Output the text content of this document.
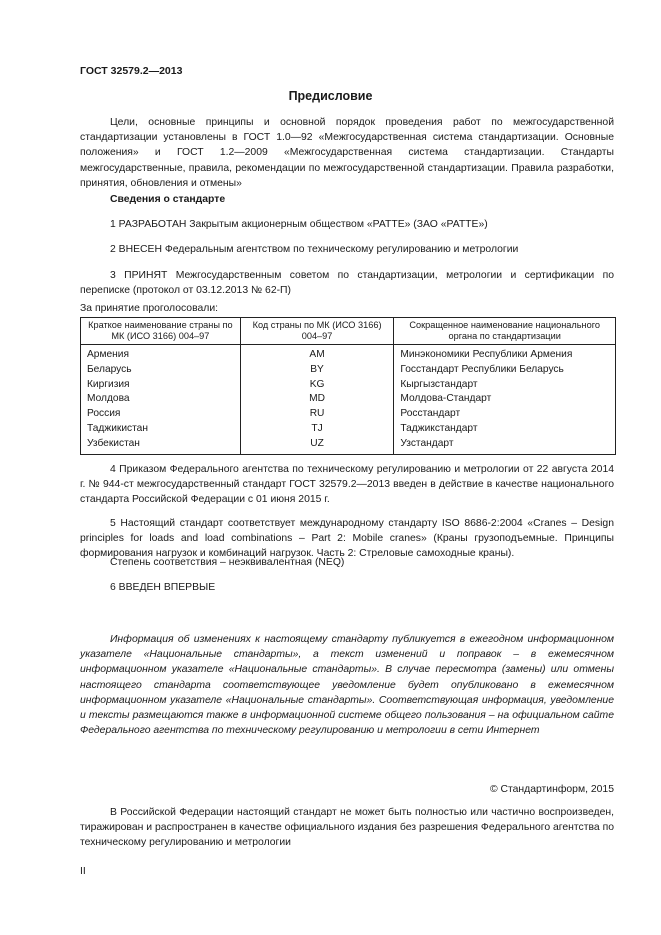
ГОСТ 32579.2—2013
Предисловие
Цели, основные принципы и основной порядок проведения работ по межгосударственной стандартизации установлены в ГОСТ 1.0—92 «Межгосударственная система стандартизации. Основные положения» и ГОСТ 1.2—2009 «Межгосударственная система стандартизации. Стандарты межгосударственные, правила, рекомендации по межгосударственной стандартизации. Правила разработки, принятия, обновления и отмены»
Сведения о стандарте
1 РАЗРАБОТАН Закрытым акционерным обществом «РАТТЕ» (ЗАО «РАТТЕ»)
2 ВНЕСЕН Федеральным агентством по техническому регулированию и метрологии
3 ПРИНЯТ Межгосударственным советом по стандартизации, метрологии и сертификации по переписке (протокол от 03.12.2013 № 62-П)
За принятие проголосовали:
Краткое наименование страны по МК (ИСО 3166) 004–97	Код страны по МК (ИСО 3166) 004–97	Сокращенное наименование национального органа по стандартизации
Армения	AM	Минэкономики Республики Армения
Беларусь	BY	Госстандарт Республики Беларусь
Киргизия	KG	Кыргызстандарт
Молдова	MD	Молдова-Стандарт
Россия	RU	Росстандарт
Таджикистан	TJ	Таджикстандарт
Узбекистан	UZ	Узстандарт
4 Приказом Федерального агентства по техническому регулированию и метрологии от 22 августа 2014 г. № 944-ст межгосударственный стандарт ГОСТ 32579.2—2013 введен в действие в качестве национального стандарта Российской Федерации с 01 июня 2015 г.
5 Настоящий стандарт соответствует международному стандарту ISO 8686-2:2004 «Cranes – Design principles for loads and load combinations – Part 2: Mobile cranes» (Краны грузоподъемные. Принципы формирования нагрузок и комбинаций нагрузок. Часть 2: Стреловые самоходные краны).
Степень соответствия – неэквивалентная (NEQ)
6 ВВЕДЕН ВПЕРВЫЕ
Информация об изменениях к настоящему стандарту публикуется в ежегодном информационном указателе «Национальные стандарты», а текст изменений и поправок – в ежемесячном информационном указателе «Национальные стандарты». В случае пересмотра (замены) или отмены настоящего стандарта соответствующее уведомление будет опубликовано в ежемесячном информационном указателе «Национальные стандарты». Соответствующая информация, уведомление и тексты размещаются также в информационной системе общего пользования – на официальном сайте Федерального агентства по техническому регулированию и метрологии в сети Интернет
© Стандартинформ, 2015
В Российской Федерации настоящий стандарт не может быть полностью или частично воспроизведен, тиражирован и распространен в качестве официального издания без разрешения Федерального агентства по техническому регулированию и метрологии
II
